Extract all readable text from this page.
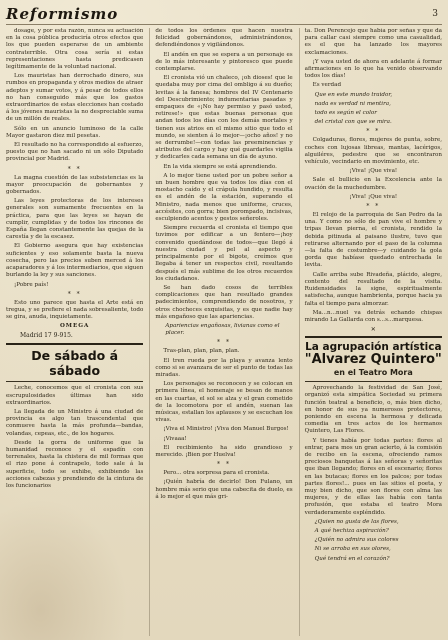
Reformismo	3

dosage, y por esta razón, nunca su actuación en la cosa pública produciría otros efectos que los que pueden esperarse de un ambiente contraterrible. Otra cosa sería si estas representaciones hasta predicasen legítimamente de la voluntad nacional.

Los mauristas han derrochado dinero, sus rumbos en propaganda y otros medios de atraer adeptos y sumar votos, y á pesar de todos ellos no han conseguido más que los gastos extraordinarios de estas elecciones han costado á los jóvenes mauristas la no despreciable suma de un millón de reales.

Sólo en un anuncio luminoso de la calle Mayor gastaron diez mil pesetas.

El resultado no ha correspondido al esfuerzo, puesto que no han sacado ni un sólo Diputado provincial por Madrid.

* *

La magna cuestión de las subsistencias es la mayor preocupación de gobernantes y gobernados.

Las leyes protectoras de los intereses generales son sumamente frecuentes en la práctica, para que las leyes se hayan de cumplir, cumplidas y de todos los rincones de España llegan constantemente las quejas de la carestía y de la escasez.

El Gobierno asegura que hay existencias suficientes y eso solamente basta la nueva cosecha, pero las precios suben merced á los acaparadores y á los intermediarios, que siguen burlando la ley y sus sanciones.

¡Pobre país!

* *

Esto uno parece que hasta el Arte está en tregua, y se prefiere el nada sobresaliente, todo se gira, anuda, inquietamente.

OMEGA
Madrid 17 9-915.
De sábado á sábado

Leche, conocemos que el cronista con sus escrupulosidades últimas han sido extraordinarios.

La llegada de un Ministro á una ciudad de provincia es algo tan trascendental que conmueve hasta la más profunda—bandas, volandas, cepeas, etc., de los hogares.

Desde la gorra de uniforme que la humanidad reconoce y el espadín con terrenales, hasta la chistera de mil formas que el rizo pone á contrapelo, todo sale á la superficie, todo se exhibe, exhibiendo las acciones cabezas y prendiendo de la cintura de los funcionarios

de todos los órdenes que hacen nuestra felicidad gobernándonos, administrándonos, defendiéndonos y vigilándonos.

El andén en que se espera a un personaje es de lo más interesante y pintoresco que puede contemplarse.

El cronista vió un chaleco, ¡oh dioses! que le quedaba muy por cima del ombligo á su dueño; levitas á la fanesa; hombres del IV Centenario del Descubrimiento; indumentarias pasadas y empaques de «¡No hay permiso y pasó usted, retirese!» que estas buenas personas que andan todos los días con los demás mortales y tienen sus atrios en el mismo sitio que todo el mundo, se sienten á lo mejor—¡ocho años! y no se derrumbe!—con todas las preeminencias y atributos del cargo y hay qué guardarles vigilia y dedicarles cada semana un día de ayuno.

En la vida siempre se está aprendiendo.

A lo mejor tiene usted por un pobre señor a un buen hombre que va todos los días con el mostacho caído y el crápula hundido, y resulta es el andén de la estación, superando el Ministro, nada menos que uniforme, cruces, accésites, con gorra; bien porompado, incisivas, esculpiendo acentos y gestos señeroles.

Siempre recuerda el cronista el tiempo que tuvimos por edificar a un fentero—¡hoy convenido quedándose de todos—que llegó á nuestra ciudad y pel al aspecto y principalmente por el bigote, creímos que llegaba á tener un respectos civil, resultando después el más sublime de los otros recuerdos los ciudadanos.

Se han dado cosos de terribles complicaciones que han resultado grandes padecimientos, comprendiendo de nosotros, y otros chocheces exquisitas, y es que nadie hay más engañoso que las apariencias.

Apariencias engañosas, livianas como el placer.

* *

Tras-plan, plan, plan, plan.

El tren rueda por la playa y avanza lento como si se avanzara de ser el punto de todas las miradas.

Los personajes se reconocen y se colocan en primera línea, el homenaje se besan de manos en las cuartas, el sol se alza y el gran cometido de la locomotora por el andén, suenan las músicas, estallan los aplausos y se escuchan los vivas.

¡Viva el Ministro! ¡Viva don Manuel Burgos!

¡Vivaaa!

El recibimiento ha sido grandioso y merecido. ¡Bien por Huelva!

* *

Pero... otra sorpresa para el cronista.

¡Quién habría de decirlo! Don Fulano, un hombre más serio que una cabecita de duelo, es á lo mejor el que más gri-

ta. Don Perencejo que había por señas y que da para callar casi siempre como una casualidad, es el que ha lanzado los mayores exclamaciones.

¡Y vaya usted de ahora en adelante á formar afirmaciones en lo que ha venido observando todos los días!

Es verdad

Que en este mundo traidor,

nada es verdad ni mentira,

todo es según el color

del cristal con que se mira.

* *

Colgaduras, flores, mujeres de punta, sobre, coches con lujosas libreas, mantas, lacérigos, alguiléres, pedestre que se encontraron vehículo, vecindario en movimiento, etc.

¡Viva! ¡Que viva!

Sale el bullicio en la Excelencia ante la ovación de la muchedumbre.

¡Viva! ¡Que viva!

* *

El relojo de la parroquia de San Pedro da la una. Y como no sólo de pan vive el hombre y tripas llevan pierna, el cronista, rendido la debida pitinuda al paisano ilustre, tuvo que retirarse alternando por el paso de la columna—la falta de costumbre—y cuidando la gola gorda que habíase quedado entrechada le levita.

Calle arriba sube Rivadeña, plácido, alegre, contento del resultado de la visita. Ruidensidades la signe, espiritualmente satisfecha, aunque hambrienta, porque hacia ya falta el tiempo para almorzar.

Ma...n...nuel va detrás echando chispas mirando La Gallarda con s...s...marquesa.

✕
La agrupación artística
"Alvarez Quintero"
en el Teatro Mora

Aprovechando la festividad de San José, organizó esta simpática Sociedad su primera función teatral a beneficio, o, más bien dicho, en honor de sus ya numerosos protectores, poniendo en escena la hermosa y delicada comedia en tres actos de los hermanos Quintero, Las Flores.

Y tienes había por todas partes: flores al entrar, para mos un gran acierto, á la comisión de recibo en la escena, ofreciendo ramos preciosos banquetas á las señoras y señoritas que iban llegando; flores en el escenario; flores en las butacas; flores en los palcos; por todas partes flores!... pues en las sitios el poeta, y muy bien dicho, que son flores con alma las mujeres, y de ellas las había con tanta profusión, que estaba el teatro Mora verdaderamente espléndido.

¿Quien no gusta de las flores,

A qué hechiza aspiración?

¿Quién no admira sus colores

Ni se arroba en sus olores,

Qué tendrá en el corazón?
